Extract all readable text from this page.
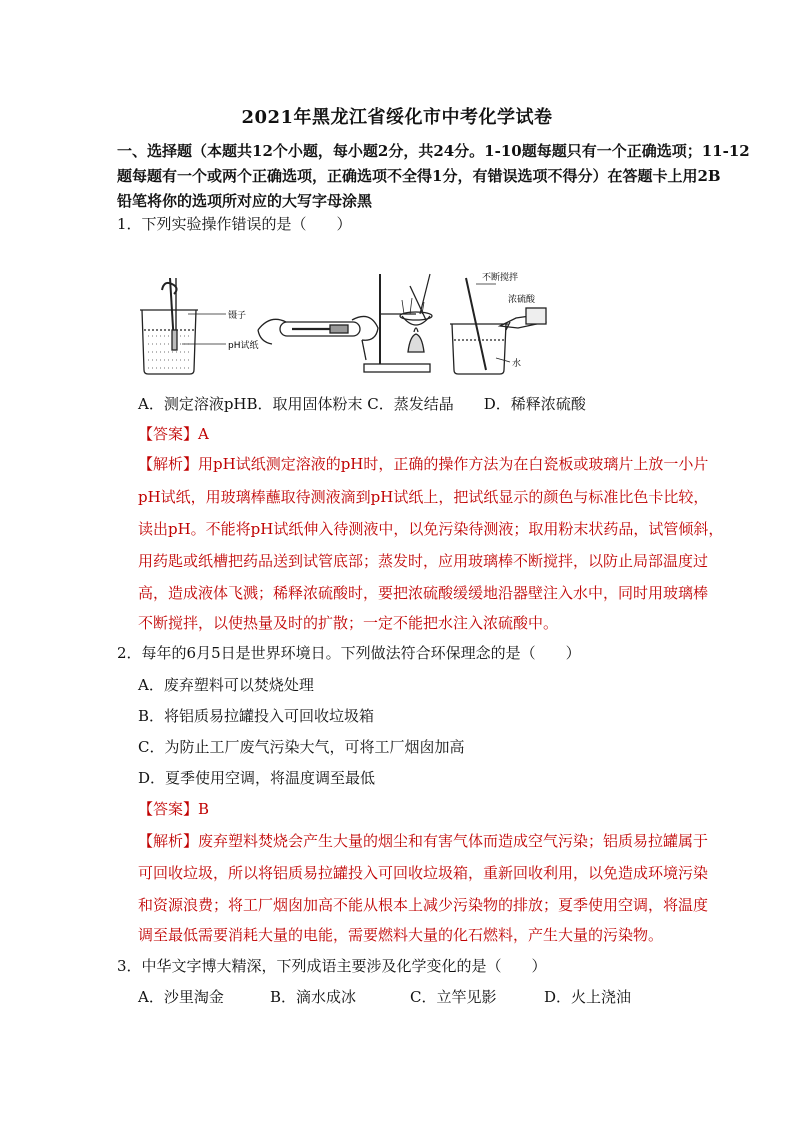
2021年黑龙江省绥化市中考化学试卷
一、选择题（本题共12个小题，每小题2分，共24分。1-10题每题只有一个正确选项；11-12
题每题有一个或两个正确选项，正确选项不全得1分，有错误选项不得分）在答题卡上用2B
铅笔将你的选项所对应的大写字母涂黑
1．下列实验操作错误的是（　　）
镊子
pH试纸
不断搅拌
浓硫酸
水
A．测定溶液pHB．取用固体粉末 C．蒸发结晶　　D．稀释浓硫酸
【答案】A
【解析】用pH试纸测定溶液的pH时，正确的操作方法为在白瓷板或玻璃片上放一小片
pH试纸，用玻璃棒蘸取待测液滴到pH试纸上，把试纸显示的颜色与标准比色卡比较，
读出pH。不能将pH试纸伸入待测液中，以免污染待测液；取用粉末状药品，试管倾斜，
用药匙或纸槽把药品送到试管底部；蒸发时，应用玻璃棒不断搅拌，以防止局部温度过
高，造成液体飞溅；稀释浓硫酸时，要把浓硫酸缓缓地沿器壁注入水中，同时用玻璃棒
不断搅拌，以使热量及时的扩散；一定不能把水注入浓硫酸中。
2．每年的6月5日是世界环境日。下列做法符合环保理念的是（　　）
A．废弃塑料可以焚烧处理
B．将铝质易拉罐投入可回收垃圾箱
C．为防止工厂废气污染大气，可将工厂烟囱加高
D．夏季使用空调，将温度调至最低
【答案】B
【解析】废弃塑料焚烧会产生大量的烟尘和有害气体而造成空气污染；铝质易拉罐属于
可回收垃圾，所以将铝质易拉罐投入可回收垃圾箱，重新回收利用，以免造成环境污染
和资源浪费；将工厂烟囱加高不能从根本上减少污染物的排放；夏季使用空调，将温度
调至最低需要消耗大量的电能，需要燃料大量的化石燃料，产生大量的污染物。
3．中华文字博大精深，下列成语主要涉及化学变化的是（　　）
A．沙里淘金	B．滴水成冰	C．立竿见影	D．火上浇油
